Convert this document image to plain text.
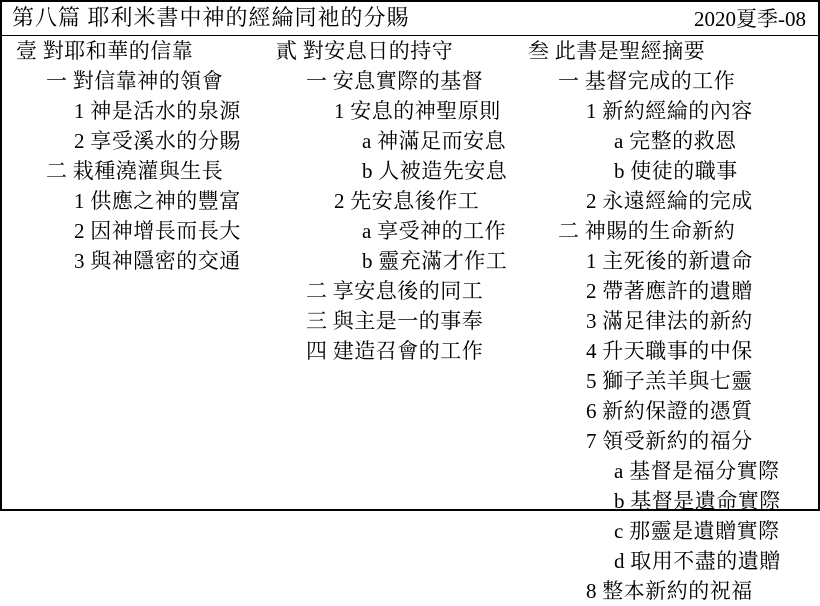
第八篇 耶利米書中神的經綸同祂的分賜	2020夏季-08
壹 對耶和華的信靠
一 對信靠神的領會
1 神是活水的泉源
2 享受溪水的分賜
二 栽種澆灌與生長
1 供應之神的豐富
2 因神增長而長大
3 與神隱密的交通
貳 對安息日的持守
一 安息實際的基督
1 安息的神聖原則
a 神滿足而安息
b 人被造先安息
2 先安息後作工
a 享受神的工作
b 靈充滿才作工
二 享安息後的同工
三 與主是一的事奉
四 建造召會的工作
叁 此書是聖經摘要
一 基督完成的工作
1 新約經綸的內容
a 完整的救恩
b 使徒的職事
2 永遠經綸的完成
二 神賜的生命新約
1 主死後的新遺命
2 帶著應許的遺贈
3 滿足律法的新約
4 升天職事的中保
5 獅子羔羊與七靈
6 新約保證的憑質
7 領受新約的福分
a 基督是福分實際
b 基督是遺命實際
c 那靈是遺贈實際
d 取用不盡的遺贈
8 整本新約的祝福
